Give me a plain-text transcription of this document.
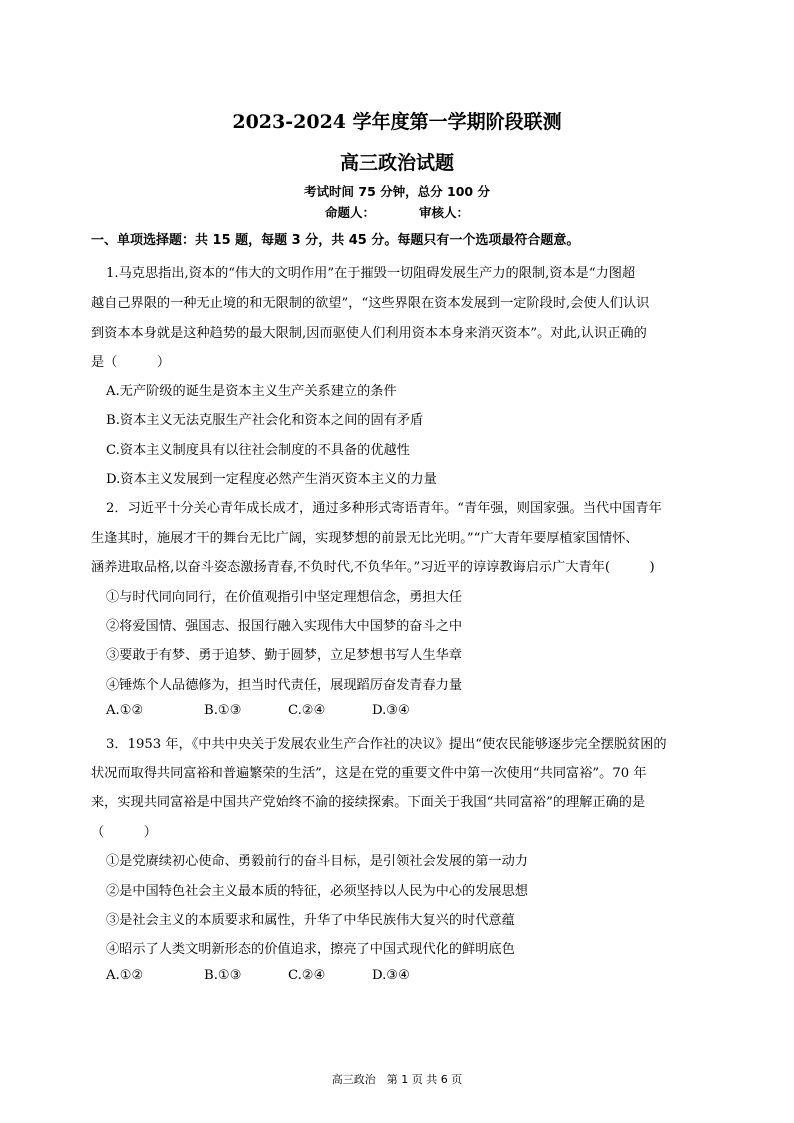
2023-2024 学年度第一学期阶段联测
高三政治试题
考试时间 75 分钟，总分 100 分
命题人：	审核人：
一、单项选择题：共 15 题，每题 3 分，共 45 分。每题只有一个选项最符合题意。
1.马克思指出,资本的“伟大的文明作用”在于摧毁一切阻碍发展生产力的限制,资本是“力图超
越自己界限的一种无止境的和无限制的欲望”，“这些界限在资本发展到一定阶段时,会使人们认识
到资本本身就是这种趋势的最大限制,因而驱使人们利用资本本身来消灭资本”。对此,认识正确的
是（　　　）
A.无产阶级的诞生是资本主义生产关系建立的条件
B.资本主义无法克服生产社会化和资本之间的固有矛盾
C.资本主义制度具有以往社会制度的不具备的优越性
D.资本主义发展到一定程度必然产生消灭资本主义的力量
2．习近平十分关心青年成长成才，通过多种形式寄语青年。“青年强，则国家强。当代中国青年
生逢其时，施展才干的舞台无比广阔，实现梦想的前景无比光明。”“广大青年要厚植家国情怀、
涵养进取品格,以奋斗姿态激扬青春,不负时代,不负华年。”习近平的谆谆教诲启示广大青年(　　　)
①与时代同向同行，在价值观指引中坚定理想信念，勇担大任
②将爱国情、强国志、报国行融入实现伟大中国梦的奋斗之中
③要敢于有梦、勇于追梦、勤于圆梦，立足梦想书写人生华章
④锤炼个人品德修为，担当时代责任，展现蹈厉奋发青春力量
A.①②	B.①③	C.②④	D.③④
3．1953 年，《中共中央关于发展农业生产合作社的决议》提出“使农民能够逐步完全摆脱贫困的
状况而取得共同富裕和普遍繁荣的生活”，这是在党的重要文件中第一次使用“共同富裕”。70 年
来，实现共同富裕是中国共产党始终不渝的接续探索。下面关于我国“共同富裕”的理解正确的是
（　　　）
①是党赓续初心使命、勇毅前行的奋斗目标，是引领社会发展的第一动力
②是中国特色社会主义最本质的特征，必须坚持以人民为中心的发展思想
③是社会主义的本质要求和属性，升华了中华民族伟大复兴的时代意蕴
④昭示了人类文明新形态的价值追求，擦亮了中国式现代化的鲜明底色
A.①②	B.①③	C.②④	D.③④
高三政治　第 1 页 共 6 页
